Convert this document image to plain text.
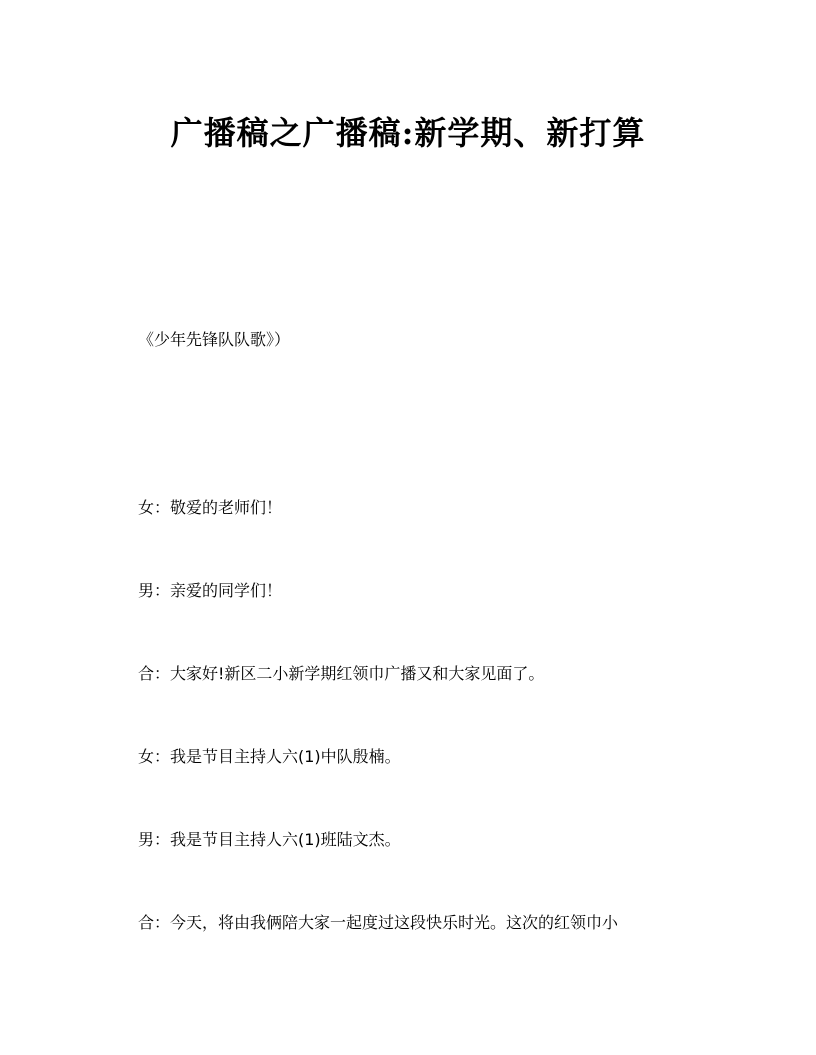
广播稿之广播稿:新学期、新打算
《少年先锋队队歌》）
女：敬爱的老师们！
男：亲爱的同学们！
合：大家好!新区二小新学期红领巾广播又和大家见面了。
女：我是节目主持人六(1)中队殷楠。
男：我是节目主持人六(1)班陆文杰。
合：今天，将由我俩陪大家一起度过这段快乐时光。这次的红领巾小
